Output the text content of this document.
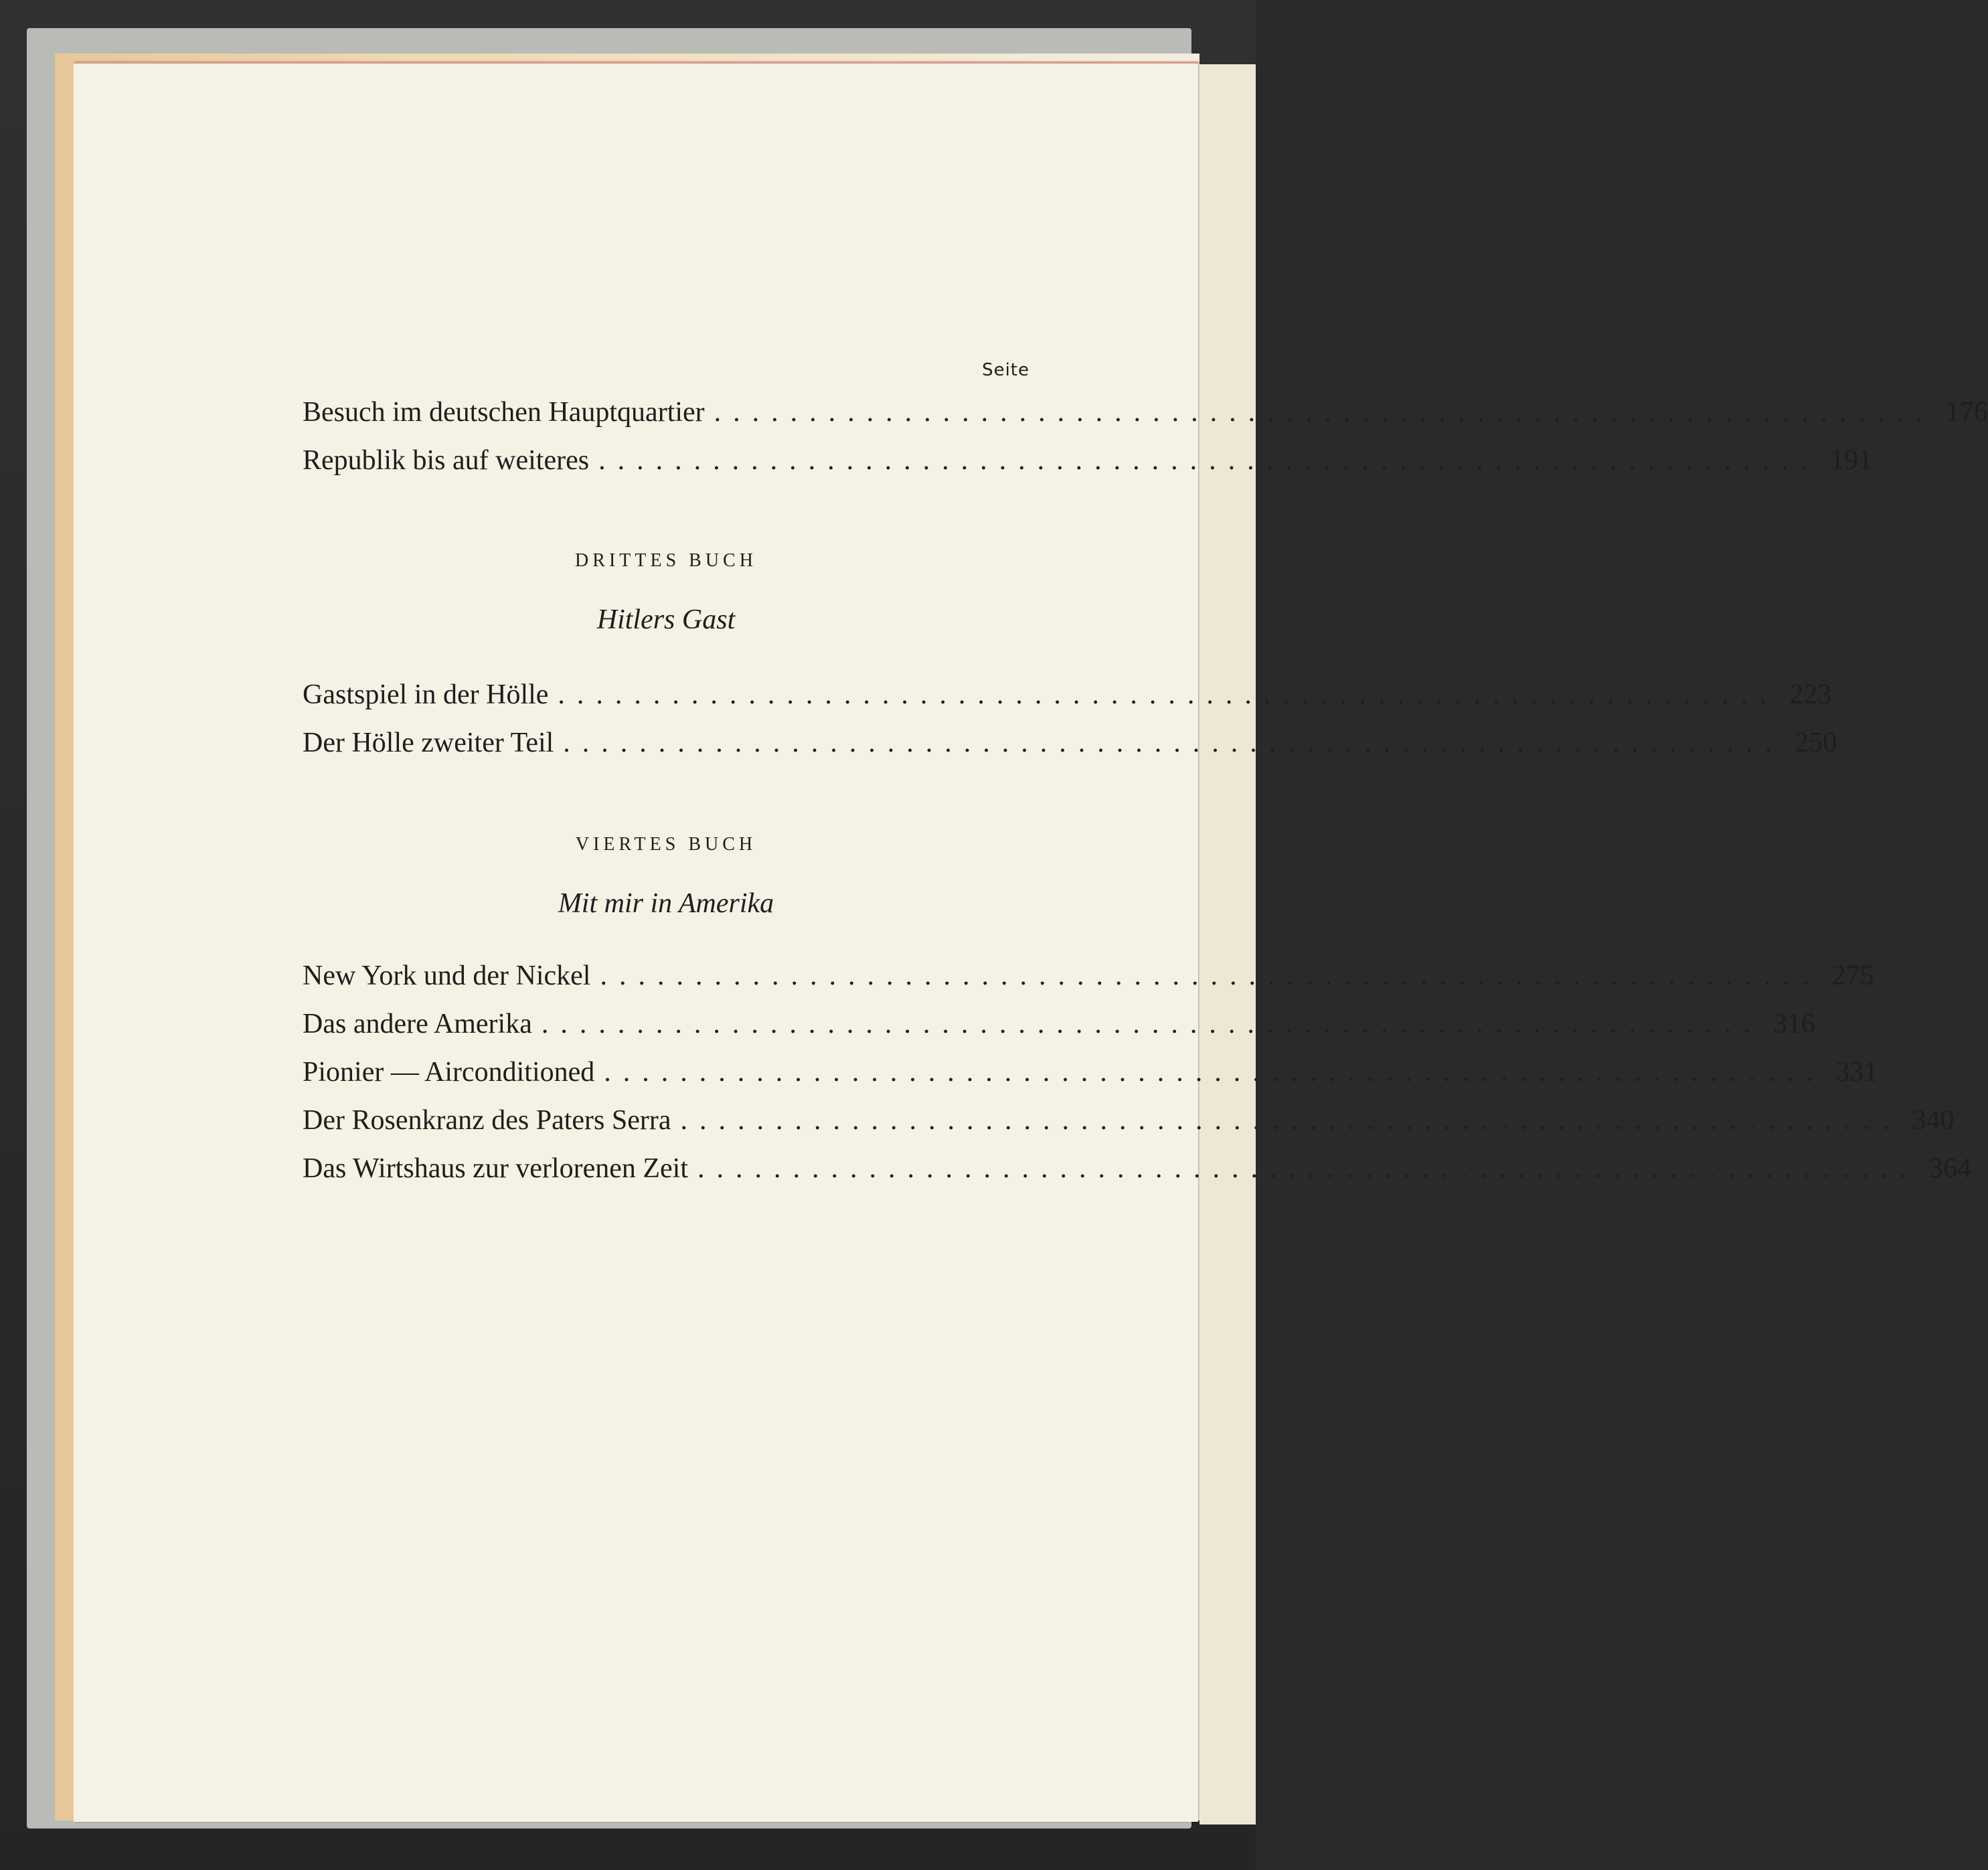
Seite
Besuch im deutschen Hauptquartier ................................................................ 176
Republik bis auf weiteres ................................................................ 191
DRITTES BUCH
Hitlers Gast
Gastspiel in der Hölle ................................................................ 223
Der Hölle zweiter Teil ................................................................ 250
VIERTES BUCH
Mit mir in Amerika
New York und der Nickel ................................................................ 275
Das andere Amerika ................................................................ 316
Pionier — Airconditioned ................................................................ 331
Der Rosenkranz des Paters Serra ................................................................ 340
Das Wirtshaus zur verlorenen Zeit ................................................................ 364
